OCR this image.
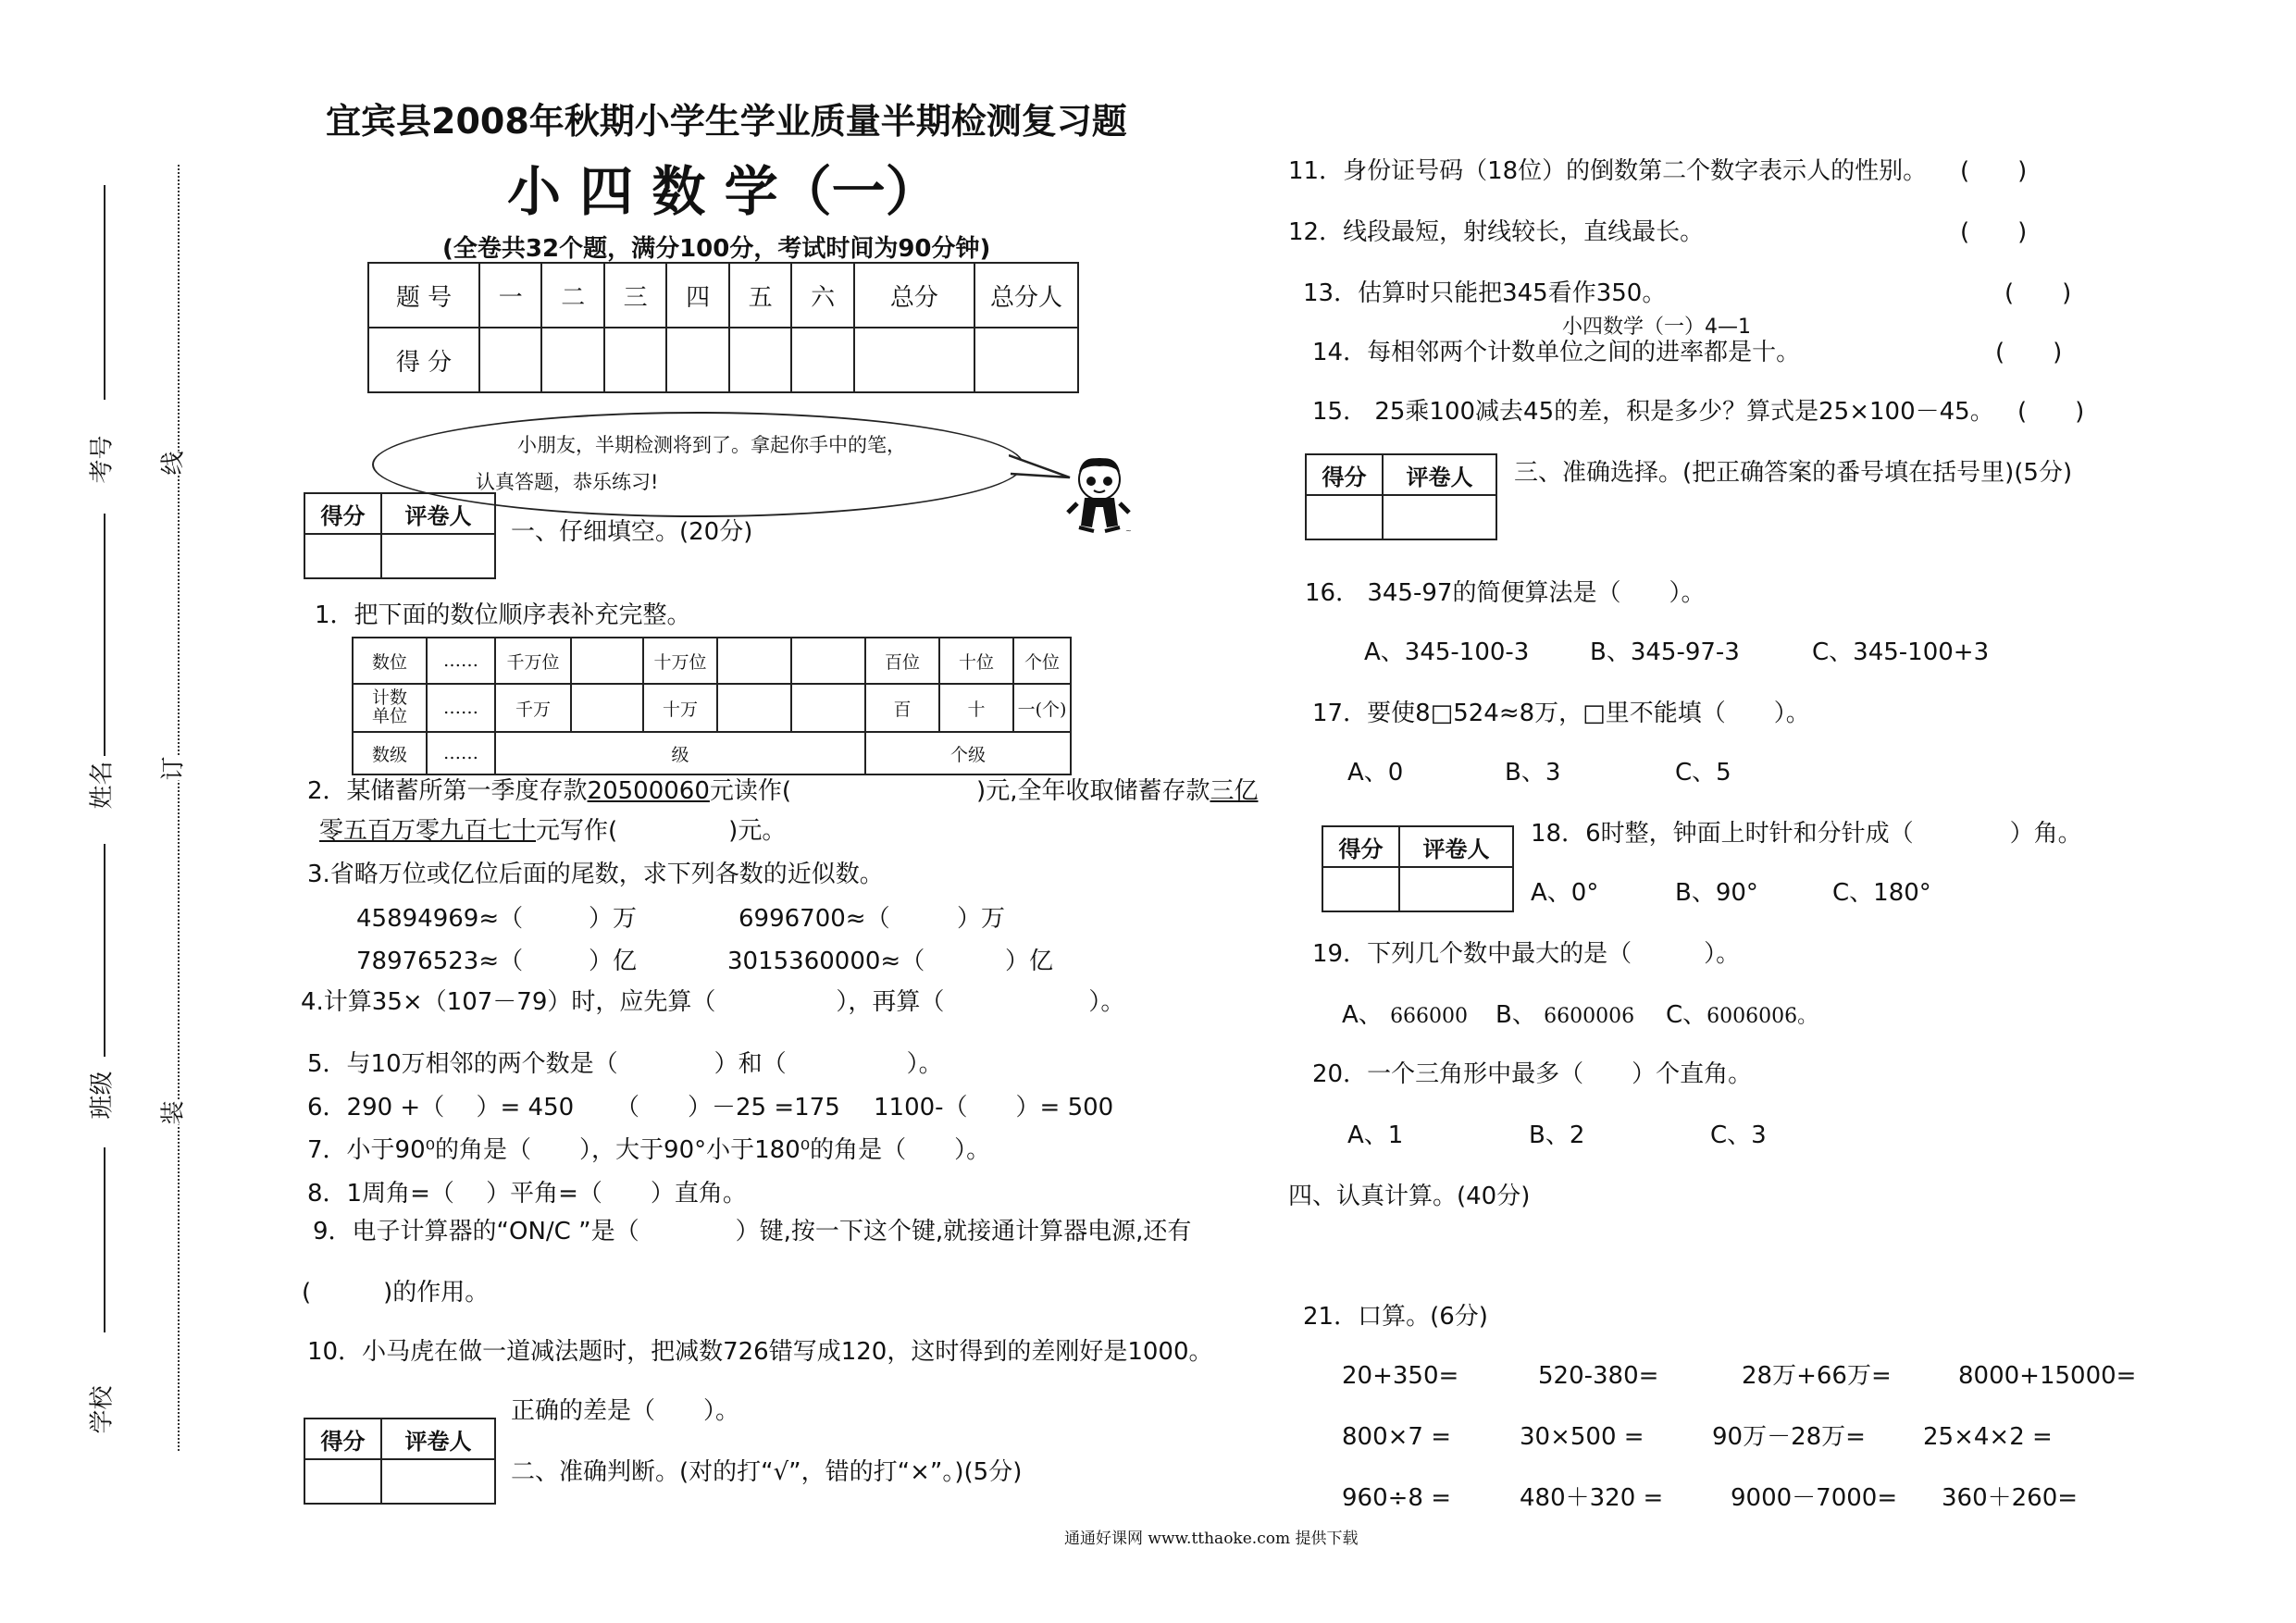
考号
姓名
班级
学校
线
订
装
宜宾县2008年秋期小学生学业质量半期检测复习题
小 四 数 学（一）
(全卷共32个题，满分100分，考试时间为90分钟)
题 号	一	二	三	四	五	六	总分	总分人
得 分								
小朋友，半期检测将到了。拿起你手中的笔，
认真答题，恭乐练习!
~
得分	评卷人

一、仔细填空。(20分)
1．把下面的数位顺序表补充完整。
数位	……	千万位		十万位			百位	十位	个位
计数
单位	……	千万		十万			百	十	一(个)
数级	……	级					个级		
2．某储蓄所第一季度存款20500060元读作(	)元,全年收取储蓄存款三亿
零五百万零九百七十元写作(	)元。
3.省略万位或亿位后面的尾数，求下列各数的近似数。
45894969≈（	）万	6996700≈（	）万
78976523≈（	）亿	3015360000≈（	）亿
4.计算35×（107－79）时，应先算（　　　　　），再算（　　　　　　）。
5．与10万相邻的两个数是（　　　　）和（　　　　　）。
6．290 +（　 ）= 450 （　　）－25 =175 1100-（　　）= 500
7．小于90⁰的角是（　　），大于90°小于180⁰的角是（　　）。
8．1周角=（　 ）平角=（　　）直角。
9．电子计算器的“ON/C ”是（　　　　）键,按一下这个键,就接通计算器电源,还有
(　　　)的作用。
10．小马虎在做一道减法题时，把减数726错写成120，这时得到的差刚好是1000。
得分	评卷人

正确的差是（　　）。
二、准确判断。(对的打“√”，错的打“×”。)(5分)
11．身份证号码（18位）的倒数第二个数字表示人的性别。 (　　)
12．线段最短，射线较长，直线最长。	(　　)
13．估算时只能把345看作350。	(　　)
小四数学（一）4—1
14．每相邻两个计数单位之间的进率都是十。	(　　)
15． 25乘100减去45的差，积是多少？算式是25×100－45。 (　　)
得分	评卷人
	三、准确选择。(把正确答案的番号填在括号里)(5分)
16． 345-97的简便算法是（　　）。
A、345-100-3	B、345-97-3	C、345-100+3
17．要使8□524≈8万，□里不能填（　　）。
A、0	B、3	C、5
得分	评卷人

18．6时整，钟面上时针和分针成（　　　　）角。
A、0°	B、90°	C、180°
19．下列几个数中最大的是（　　　）。
A、 666000 B、 6600006 C、6006006。
20．一个三角形中最多（　　）个直角。
A、1	B、2	C、3
四、认真计算。(40分)
21．口算。(6分)
20+350=	520-380=	28万+66万=	8000+15000=
800×7 =	30×500 =	90万－28万= 25×4×2 =
960÷8 =	480＋320 =	9000－7000= 360＋260=
通通好课网 www.tthaoke.com 提供下载
